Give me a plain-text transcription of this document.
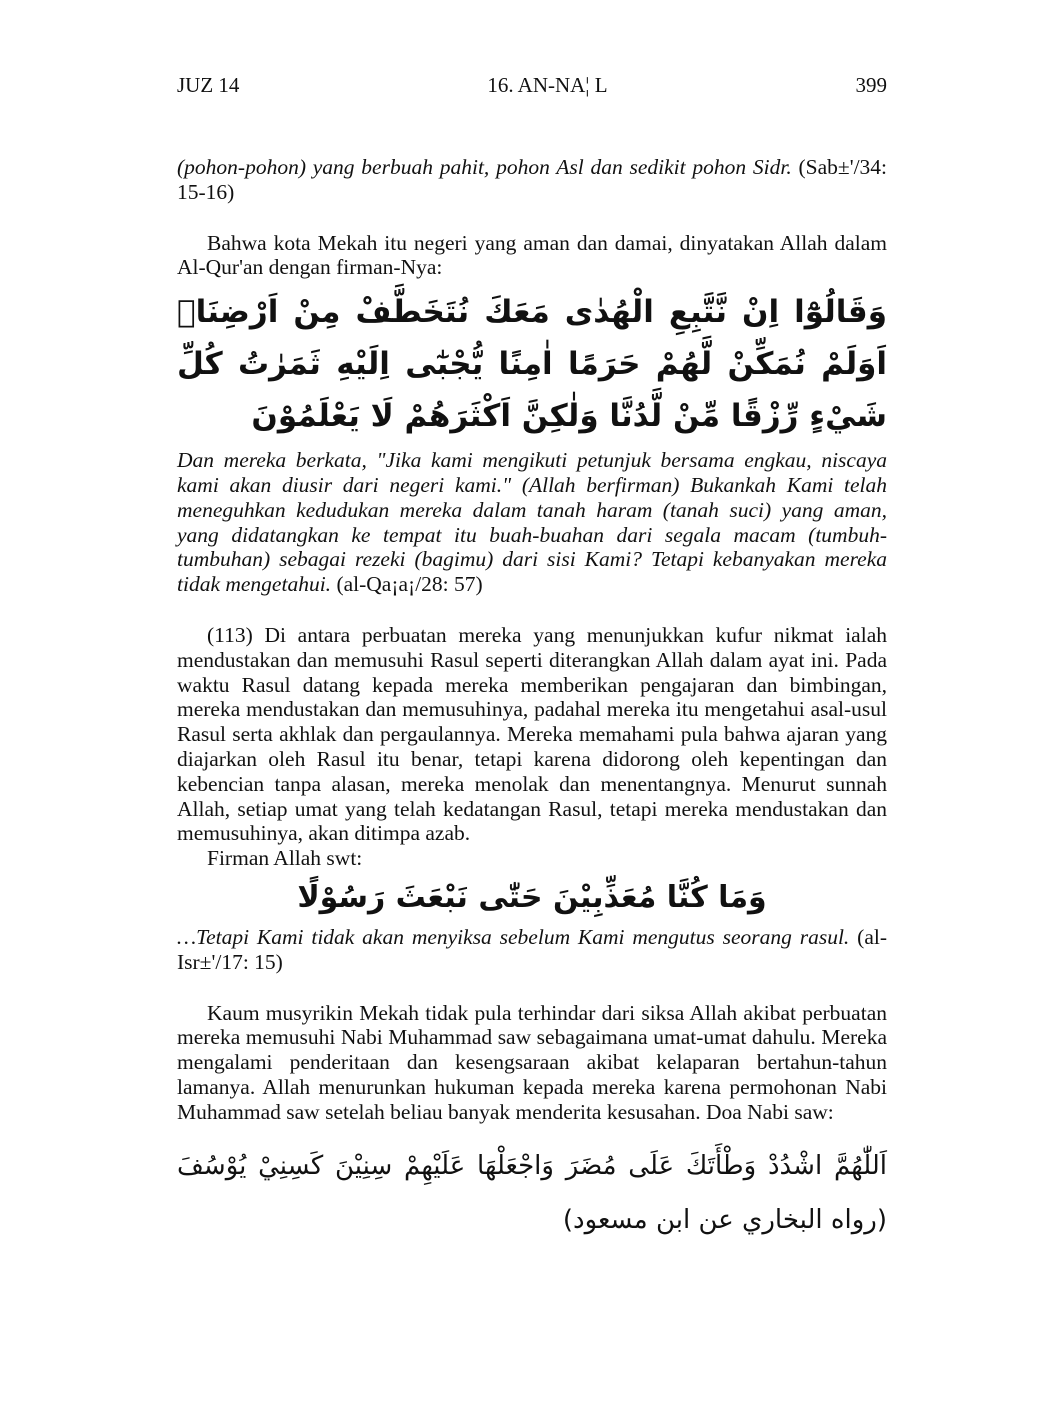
JUZ 14	16. AN-NA¦ L	399

(pohon-pohon) yang berbuah pahit, pohon Asl dan sedikit pohon Sidr. (Sab±'/34: 15-16)

Bahwa kota Mekah itu negeri yang aman dan damai, dinyatakan Allah dalam Al-Qur'an dengan firman-Nya:

وَقَالُوْٓا اِنْ نَّتَّبِعِ الْهُدٰى مَعَكَ نُتَخَطَّفْ مِنْ اَرْضِنَاۗ اَوَلَمْ نُمَكِّنْ لَّهُمْ حَرَمًا اٰمِنًا يُّجْبٰٓى اِلَيْهِ ثَمَرٰتُ كُلِّ شَيْءٍ رِّزْقًا مِّنْ لَّدُنَّا وَلٰكِنَّ اَكْثَرَهُمْ لَا يَعْلَمُوْنَ

Dan mereka berkata, "Jika kami mengikuti petunjuk bersama engkau, niscaya kami akan diusir dari negeri kami." (Allah berfirman) Bukankah Kami telah meneguhkan kedudukan mereka dalam tanah haram (tanah suci) yang aman, yang didatangkan ke tempat itu buah-buahan dari segala macam (tumbuh-tumbuhan) sebagai rezeki (bagimu) dari sisi Kami? Tetapi kebanyakan mereka tidak mengetahui. (al-Qa¡a¡/28: 57)

(113) Di antara perbuatan mereka yang menunjukkan kufur nikmat ialah mendustakan dan memusuhi Rasul seperti diterangkan Allah dalam ayat ini. Pada waktu Rasul datang kepada mereka memberikan pengajaran dan bimbingan, mereka mendustakan dan memusuhinya, padahal mereka itu mengetahui asal-usul Rasul serta akhlak dan pergaulannya. Mereka memahami pula bahwa ajaran yang diajarkan oleh Rasul itu benar, tetapi karena didorong oleh kepentingan dan kebencian tanpa alasan, mereka menolak dan menentangnya. Menurut sunnah Allah, setiap umat yang telah kedatangan Rasul, tetapi mereka mendustakan dan memusuhinya, akan ditimpa azab.

Firman Allah swt:

وَمَا كُنَّا مُعَذِّبِيْنَ حَتّٰى نَبْعَثَ رَسُوْلًا

…Tetapi Kami tidak akan menyiksa sebelum Kami mengutus seorang rasul. (al-Isr±'/17: 15)

Kaum musyrikin Mekah tidak pula terhindar dari siksa Allah akibat perbuatan mereka memusuhi Nabi Muhammad saw sebagaimana umat-umat dahulu. Mereka mengalami penderitaan dan kesengsaraan akibat kelaparan bertahun-tahun lamanya. Allah menurunkan hukuman kepada mereka karena permohonan Nabi Muhammad saw setelah beliau banyak menderita kesusahan. Doa Nabi saw:

اَللّٰهُمَّ اشْدُدْ وَطْأَتَكَ عَلَى مُضَرَ وَاجْعَلْهَا عَلَيْهِمْ سِنِيْنَ كَسِنِيْ يُوْسُفَ (رواه البخاري عن ابن مسعود)
